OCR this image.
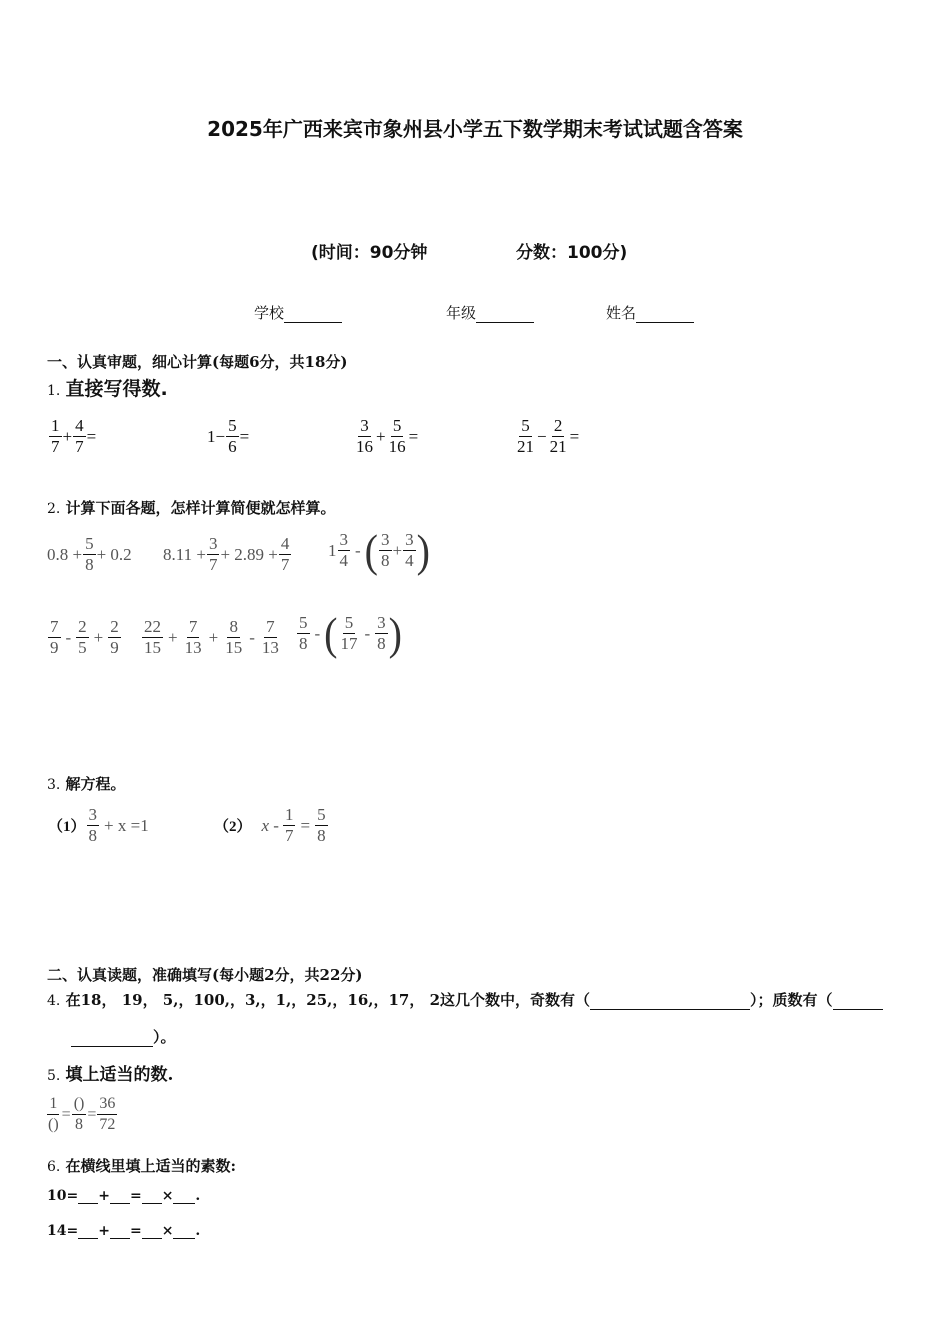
2025年广西来宾市象州县小学五下数学期末考试试题含答案
(时间：90分钟	分数：100分)
学校	年级	姓名
一、认真审题，细心计算(每题6分，共18分)
1. 直接写得数.
$\frac{1}{7} + \frac{4}{7}$ =	$1 - \frac{5}{6}$ =	$\frac{3}{16} + \frac{5}{16}$ =	$\frac{5}{21} - \frac{2}{21}$ =
2. 计算下面各题，怎样计算简便就怎样算。
$0.8 + \frac{5}{8} + 0.2$ $8.11 + \frac{3}{7} + 2.89 + \frac{4}{7} 1 \frac{3}{4}$ - ( $\frac{3}{8} + \frac{3}{4}$ )
$\frac{7}{9} - \frac{2}{5} + \frac{2}{9} \frac{22}{15} + \frac{7}{13} + \frac{8}{15} - \frac{7}{13} \frac{5}{8}$ - ( $\frac{5}{17} - \frac{3}{8}$ )
3. 解方程。
$(1) \frac{3}{8} + x =1$	（2） $x - \frac{1}{7} = \frac{5}{8}$
二、认真读题，准确填写(每小题2分，共22分)
4. 在18， 19， 5,，100,，3,，1,，25,，16,，17， 2这几个数中，奇数有（	）；质数有（
）。
5. 填上适当的数.
$\frac{1}{()} = \frac{()}{8} = \frac{36}{72}$
6. 在横线里填上适当的素数:
10= + = × .
14= + = × .
